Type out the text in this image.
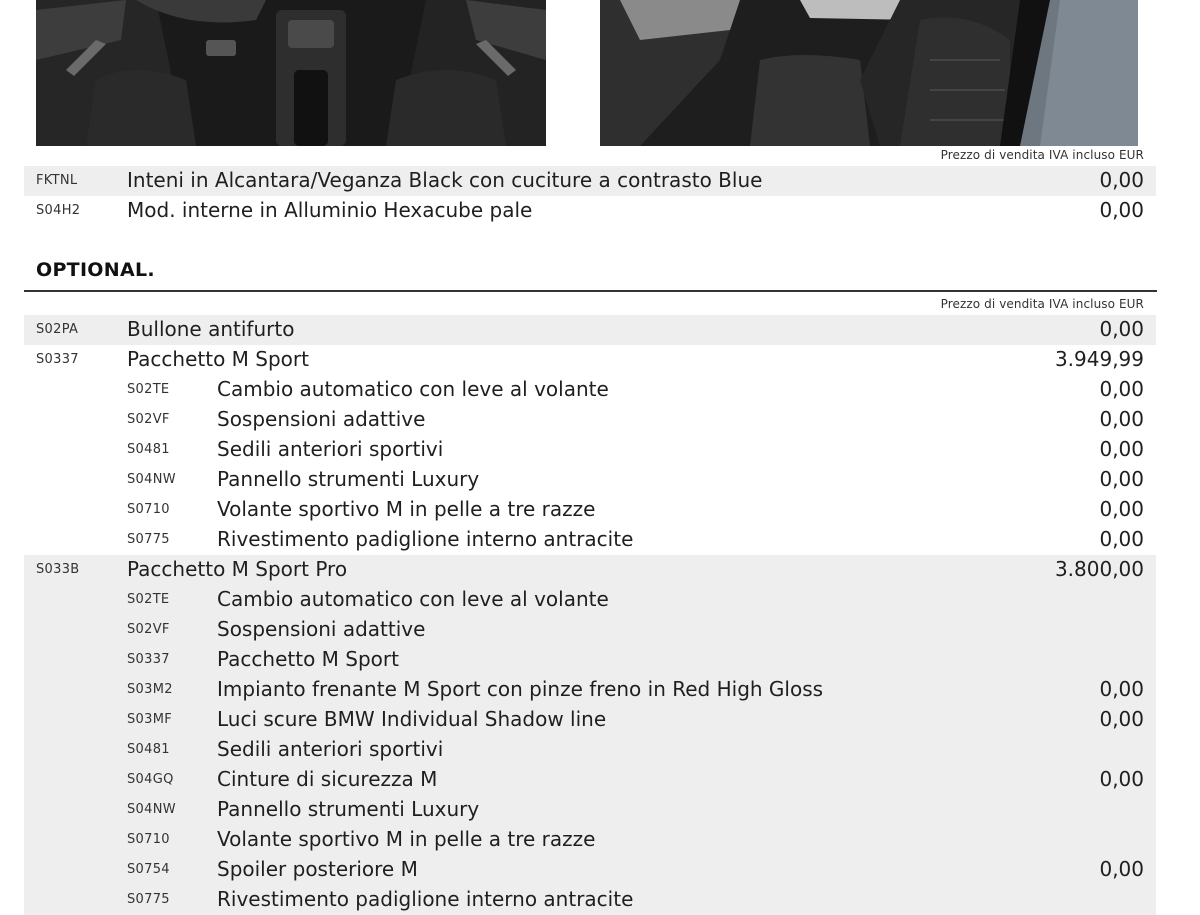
Prezzo di vendita IVA incluso EUR
FKTNL Inteni in Alcantara/Veganza Black con cuciture a contrasto Blue	0,00
S04H2 Mod. interne in Alluminio Hexacube pale	0,00
OPTIONAL.
Prezzo di vendita IVA incluso EUR
S02PA Bullone antifurto	0,00
S0337 Pacchetto M Sport	3.949,99
S02TE Cambio automatico con leve al volante	0,00
S02VF Sospensioni adattive	0,00
S0481 Sedili anteriori sportivi	0,00
S04NW Pannello strumenti Luxury	0,00
S0710 Volante sportivo M in pelle a tre razze	0,00
S0775 Rivestimento padiglione interno antracite	0,00
S033B Pacchetto M Sport Pro	3.800,00
S02TE Cambio automatico con leve al volante
S02VF Sospensioni adattive
S0337 Pacchetto M Sport
S03M2 Impianto frenante M Sport con pinze freno in Red High Gloss	0,00
S03MF Luci scure BMW Individual Shadow line	0,00
S0481 Sedili anteriori sportivi
S04GQ Cinture di sicurezza M	0,00
S04NW Pannello strumenti Luxury
S0710 Volante sportivo M in pelle a tre razze
S0754 Spoiler posteriore M	0,00
S0775 Rivestimento padiglione interno antracite
